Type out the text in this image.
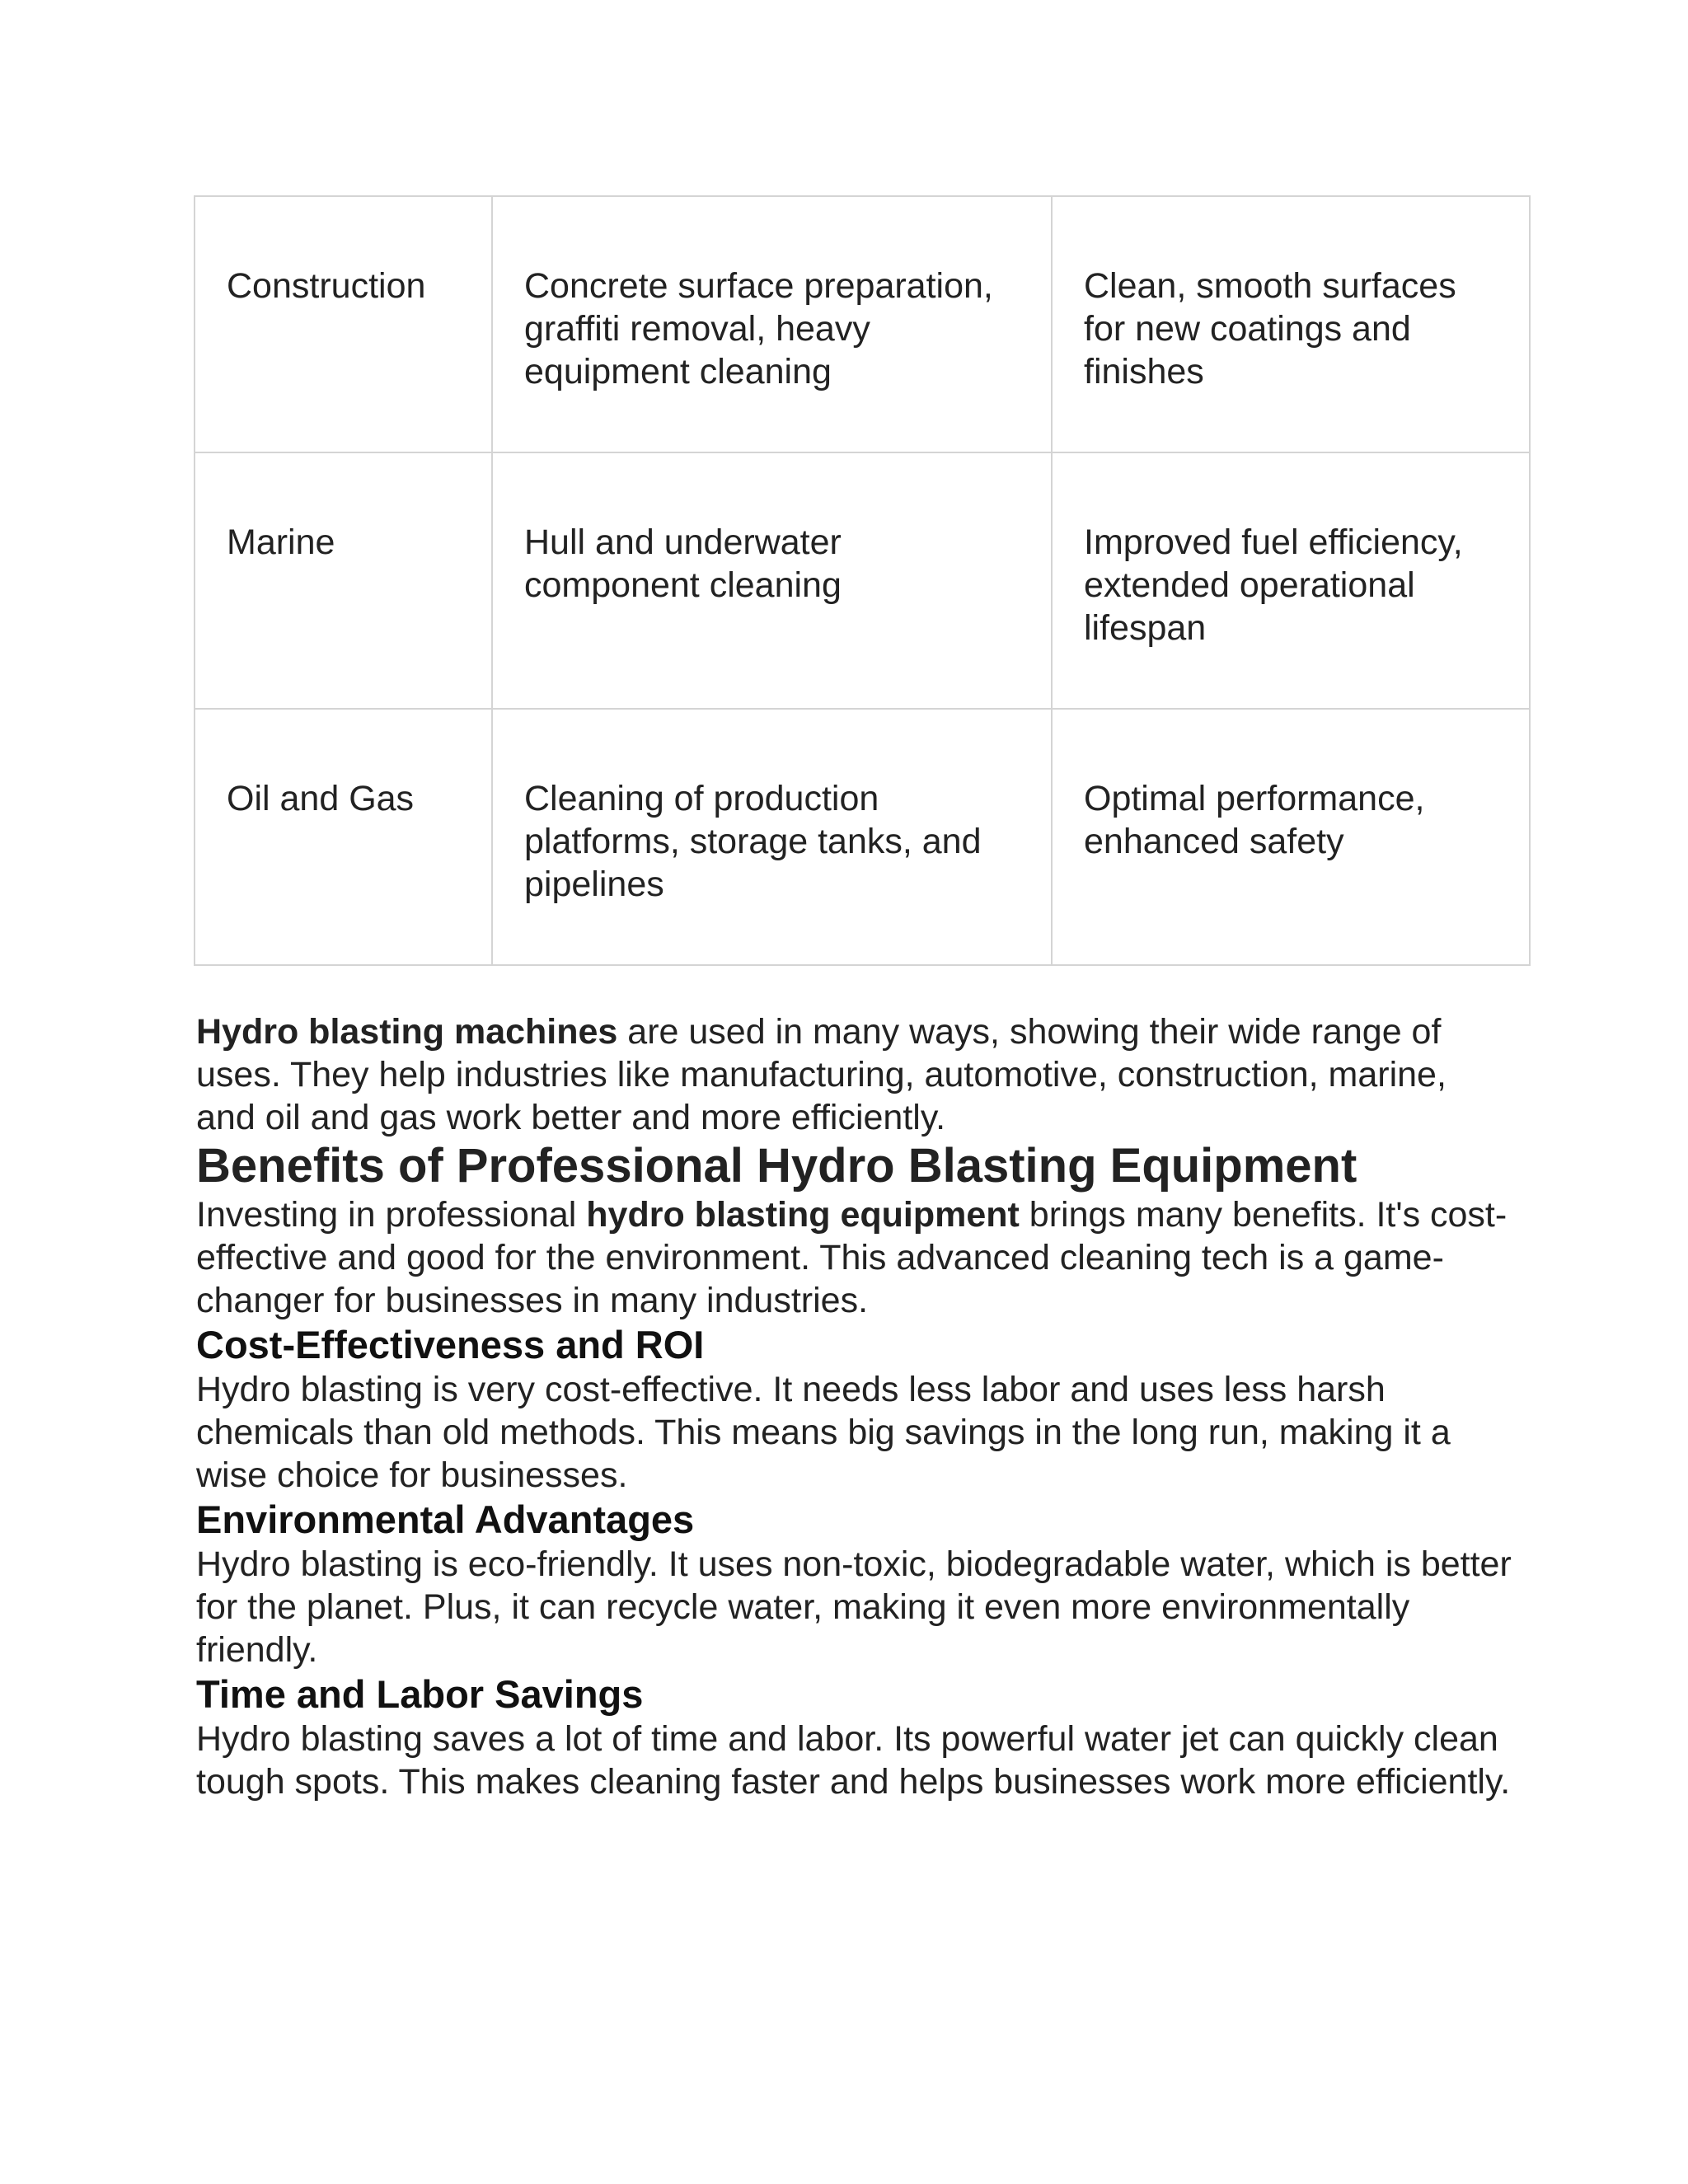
Construction	Concrete surface preparation, graffiti removal, heavy equipment cleaning	Clean, smooth surfaces for new coatings and finishes
Marine	Hull and underwater component cleaning	Improved fuel efficiency, extended operational lifespan
Oil and Gas	Cleaning of production platforms, storage tanks, and pipelines	Optimal performance, enhanced safety

Hydro blasting machines are used in many ways, showing their wide range of uses. They help industries like manufacturing, automotive, construction, marine, and oil and gas work better and more efficiently.

Benefits of Professional Hydro Blasting Equipment

Investing in professional hydro blasting equipment brings many benefits. It's cost-effective and good for the environment. This advanced cleaning tech is a game-changer for businesses in many industries.

Cost-Effectiveness and ROI

Hydro blasting is very cost-effective. It needs less labor and uses less harsh chemicals than old methods. This means big savings in the long run, making it a wise choice for businesses.

Environmental Advantages

Hydro blasting is eco-friendly. It uses non-toxic, biodegradable water, which is better for the planet. Plus, it can recycle water, making it even more environmentally friendly.

Time and Labor Savings

Hydro blasting saves a lot of time and labor. Its powerful water jet can quickly clean tough spots. This makes cleaning faster and helps businesses work more efficiently.
